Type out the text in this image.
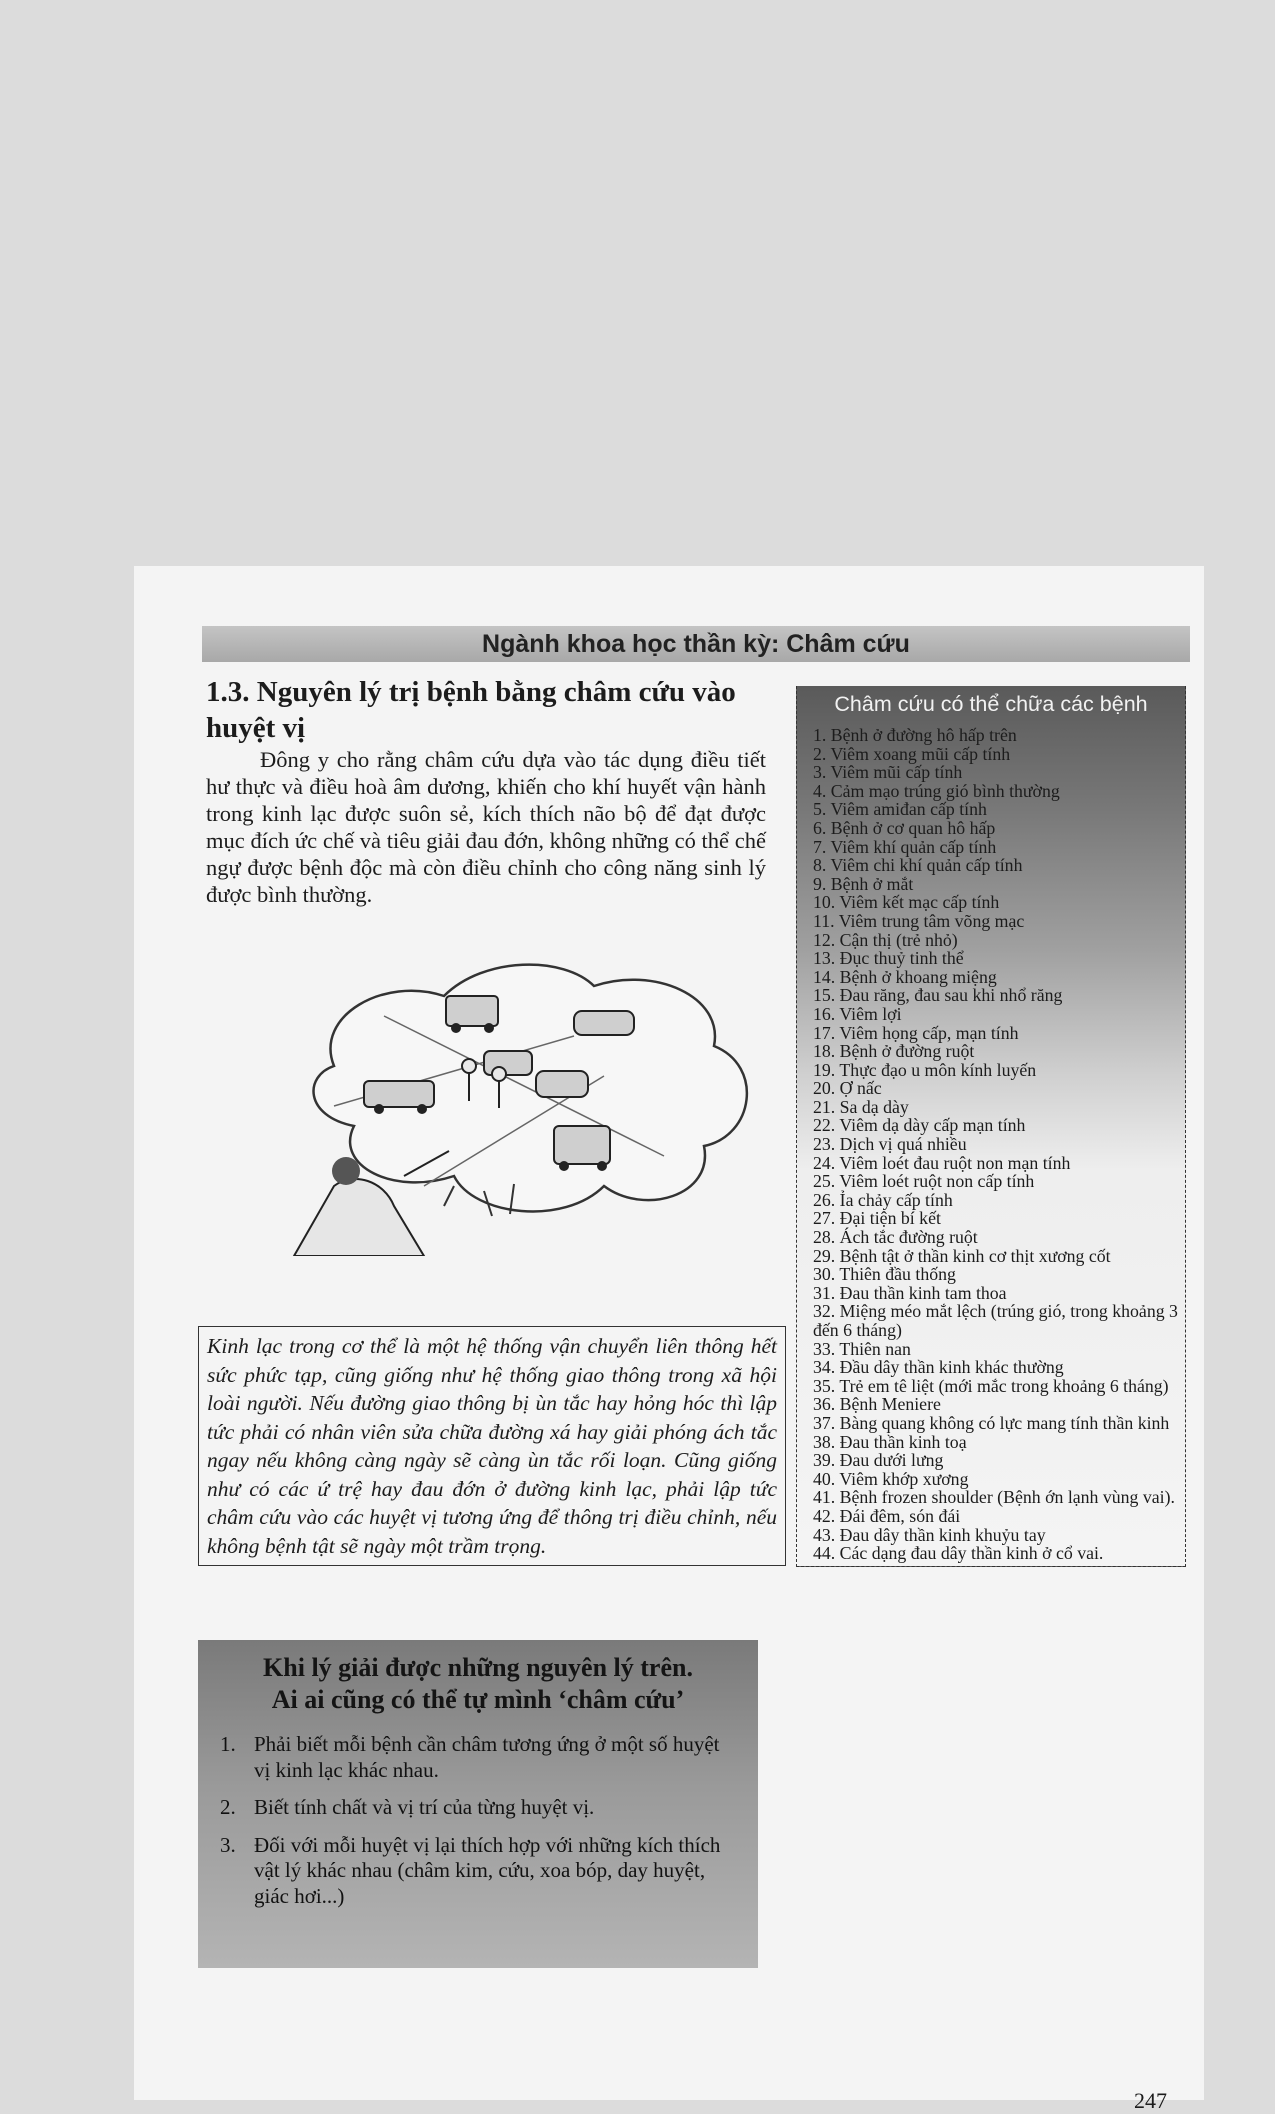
Ngành khoa học thần kỳ: Châm cứu
1.3. Nguyên lý trị bệnh bằng châm cứu vào huyệt vị
Đông y cho rằng châm cứu dựa vào tác dụng điều tiết hư thực và điều hoà âm dương, khiến cho khí huyết vận hành trong kinh lạc được suôn sẻ, kích thích não bộ để đạt được mục đích ức chế và tiêu giải đau đớn, không những có thể chế ngự được bệnh độc mà còn điều chỉnh cho công năng sinh lý được bình thường.
Kinh lạc trong cơ thể là một hệ thống vận chuyển liên thông hết sức phức tạp, cũng giống như hệ thống giao thông trong xã hội loài người. Nếu đường giao thông bị ùn tắc hay hỏng hóc thì lập tức phải có nhân viên sửa chữa đường xá hay giải phóng ách tắc ngay nếu không càng ngày sẽ càng ùn tắc rối loạn. Cũng giống như có các ứ trệ hay đau đớn ở đường kinh lạc, phải lập tức châm cứu vào các huyệt vị tương ứng để thông trị điều chỉnh, nếu không bệnh tật sẽ ngày một trầm trọng.
Khi lý giải được những nguyên lý trên.
Ai ai cũng có thể tự mình ‘châm cứu’
1. Phải biết mỗi bệnh cần châm tương ứng ở một số huyệt vị kinh lạc khác nhau.
2. Biết tính chất và vị trí của từng huyệt vị.
3. Đối với mỗi huyệt vị lại thích hợp với những kích thích vật lý khác nhau (châm kim, cứu, xoa bóp, day huyệt, giác hơi...)
Châm cứu có thể chữa các bệnh
1. Bệnh ở đường hô hấp trên
2. Viêm xoang mũi cấp tính
3. Viêm mũi cấp tính
4. Cảm mạo trúng gió bình thường
5. Viêm amiđan cấp tính
6. Bệnh ở cơ quan hô hấp
7. Viêm khí quản cấp tính
8. Viêm chi khí quản cấp tính
9. Bệnh ở mắt
10. Viêm kết mạc cấp tính
11. Viêm trung tâm võng mạc
12. Cận thị (trẻ nhỏ)
13. Đục thuỷ tinh thể
14. Bệnh ở khoang miệng
15. Đau răng, đau sau khi nhổ răng
16. Viêm lợi
17. Viêm họng cấp, mạn tính
18. Bệnh ở đường ruột
19. Thực đạo u môn kính luyến
20. Ợ nấc
21. Sa dạ dày
22. Viêm dạ dày cấp mạn tính
23. Dịch vị quá nhiều
24. Viêm loét đau ruột non mạn tính
25. Viêm loét ruột non cấp tính
26. Ỉa chảy cấp tính
27. Đại tiện bí kết
28. Ách tắc đường ruột
29. Bệnh tật ở thần kinh cơ thịt xương cốt
30. Thiên đầu thống
31. Đau thần kinh tam thoa
32. Miệng méo mắt lệch (trúng gió, trong khoảng 3 đến 6 tháng)
33. Thiên nan
34. Đầu dây thần kinh khác thường
35. Trẻ em tê liệt (mới mắc trong khoảng 6 tháng)
36. Bệnh Meniere
37. Bàng quang không có lực mang tính thần kinh
38. Đau thần kinh toạ
39. Đau dưới lưng
40. Viêm khớp xương
41. Bệnh frozen shoulder (Bệnh ớn lạnh vùng vai).
42. Đái đêm, són đái
43. Đau dây thần kinh khuỷu tay
44. Các dạng đau dây thần kinh ở cổ vai.
247
